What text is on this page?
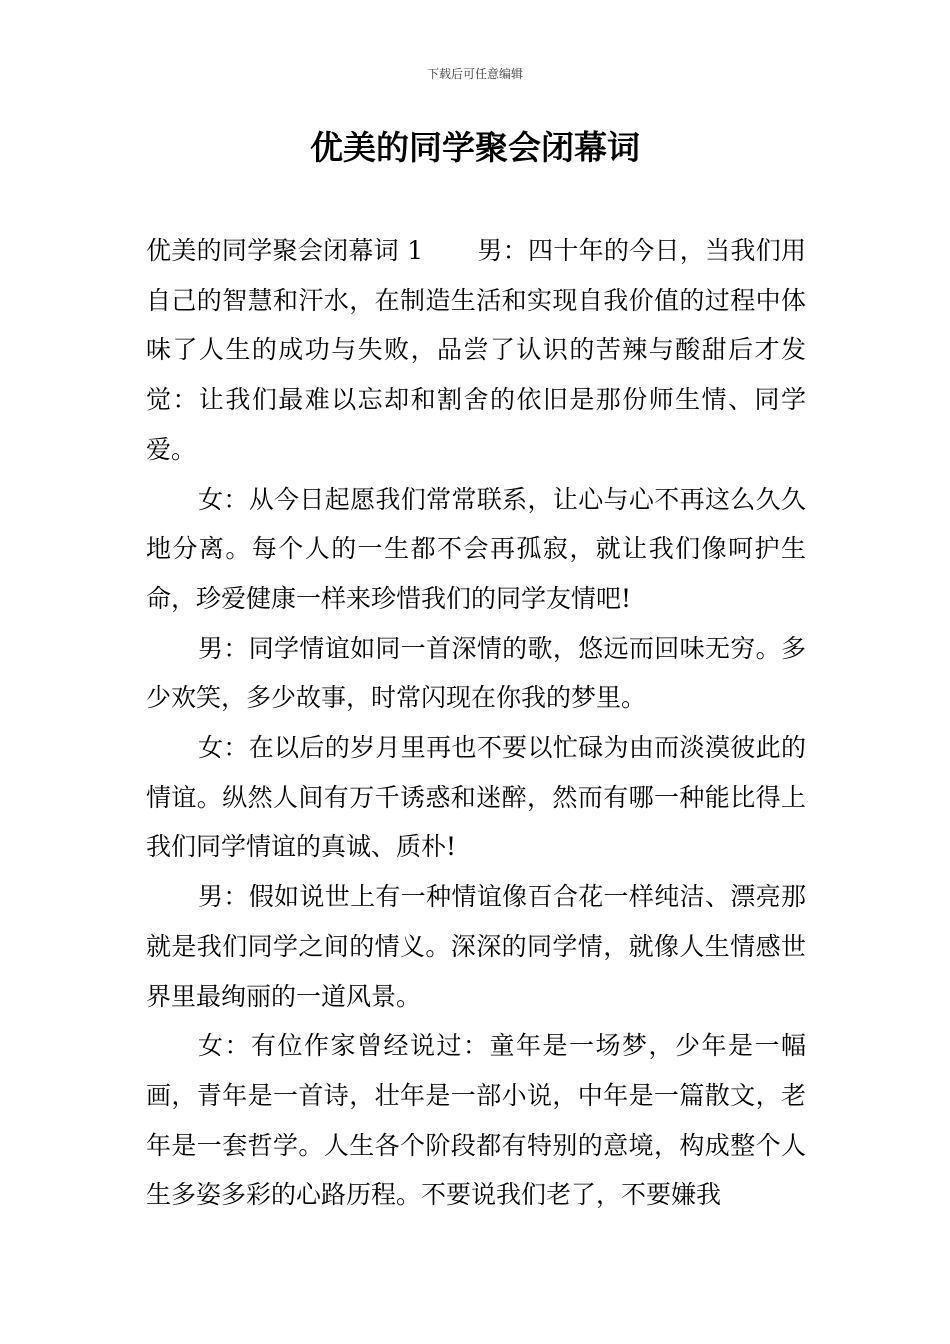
下载后可任意编辑
优美的同学聚会闭幕词

优美的同学聚会闭幕词 1 男：四十年的今日，当我们用自己的智慧和汗水，在制造生活和实现自我价值的过程中体味了人生的成功与失败，品尝了认识的苦辣与酸甜后才发觉：让我们最难以忘却和割舍的依旧是那份师生情、同学爱。

女：从今日起愿我们常常联系，让心与心不再这么久久地分离。每个人的一生都不会再孤寂，就让我们像呵护生命，珍爱健康一样来珍惜我们的同学友情吧!

男：同学情谊如同一首深情的歌，悠远而回味无穷。多少欢笑，多少故事，时常闪现在你我的梦里。

女：在以后的岁月里再也不要以忙碌为由而淡漠彼此的情谊。纵然人间有万千诱惑和迷醉，然而有哪一种能比得上我们同学情谊的真诚、质朴!

男：假如说世上有一种情谊像百合花一样纯洁、漂亮那就是我们同学之间的情义。深深的同学情，就像人生情感世界里最绚丽的一道风景。

女：有位作家曾经说过：童年是一场梦，少年是一幅画，青年是一首诗，壮年是一部小说，中年是一篇散文，老年是一套哲学。人生各个阶段都有特别的意境，构成整个人生多姿多彩的心路历程。不要说我们老了，不要嫌我
